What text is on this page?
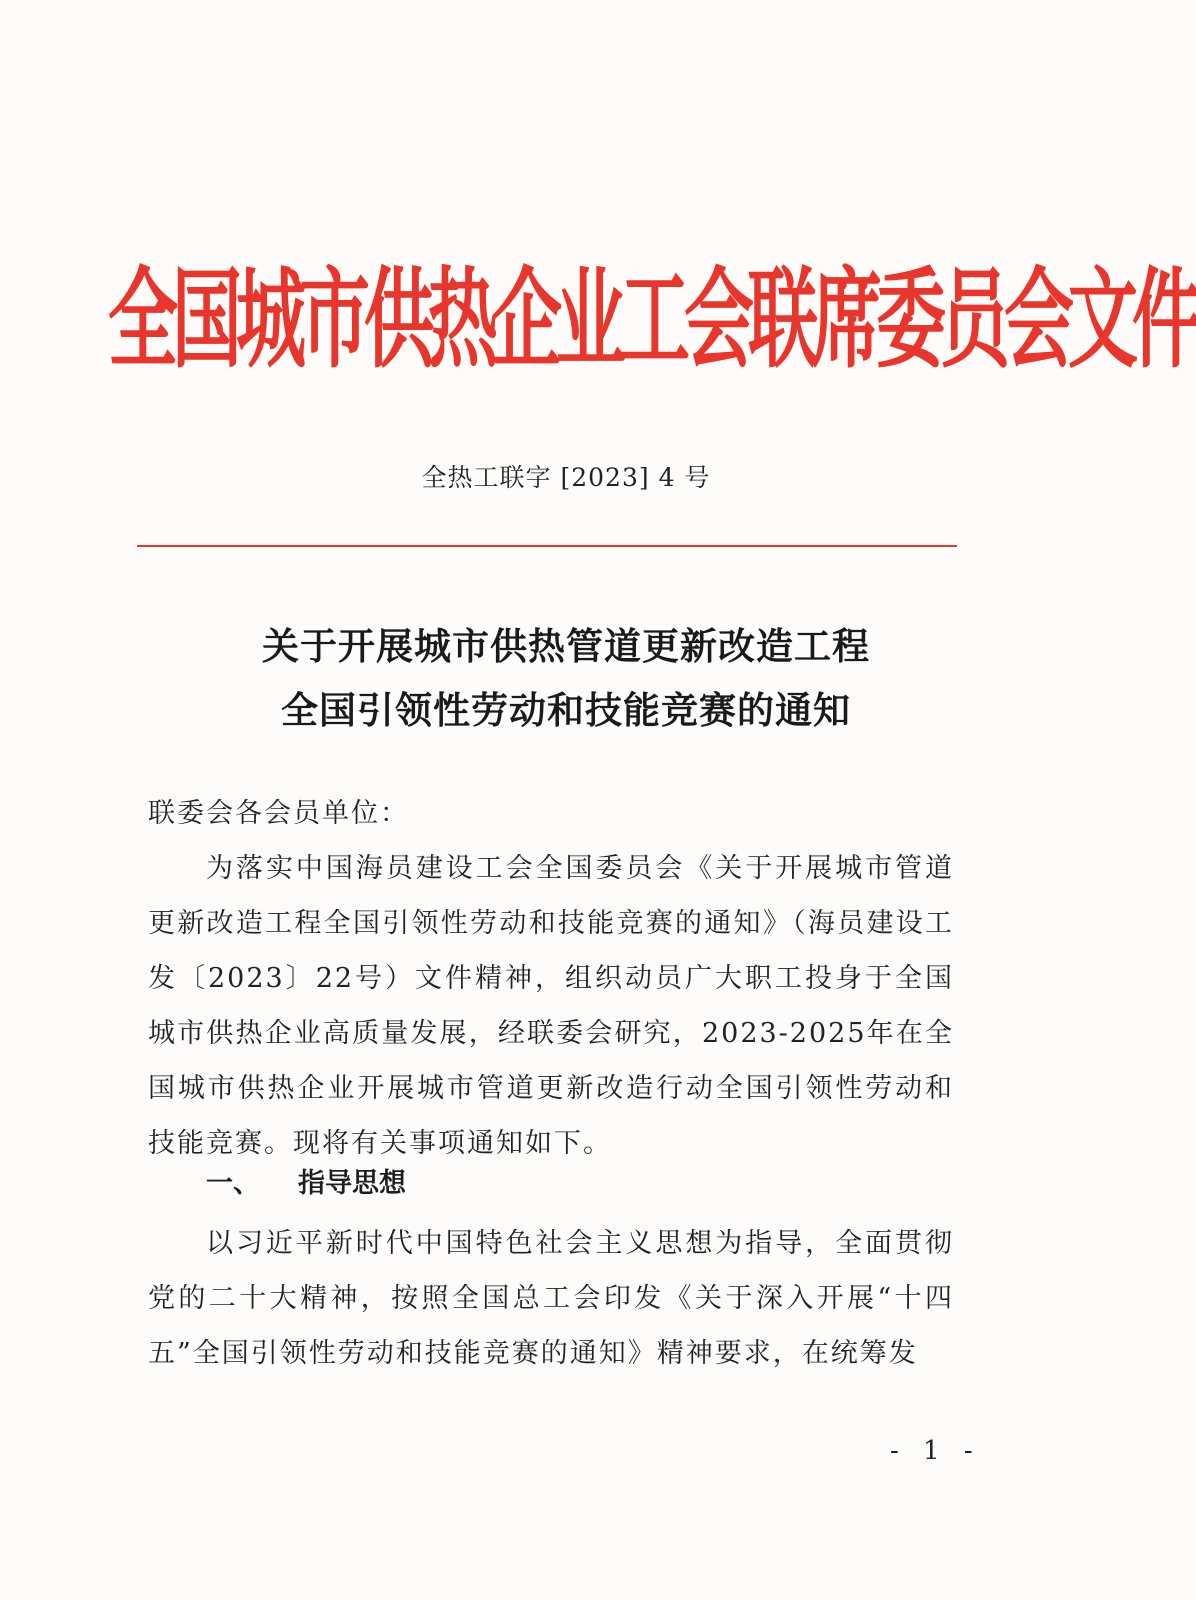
全国城市供热企业工会联席委员会文件
全热工联字 [2023] 4 号
关于开展城市供热管道更新改造工程
全国引领性劳动和技能竞赛的通知
联委会各会员单位：
为落实中国海员建设工会全国委员会《关于开展城市管道更新改造工程全国引领性劳动和技能竞赛的通知》（海员建设工发〔2023〕22号）文件精神，组织动员广大职工投身于全国城市供热企业高质量发展，经联委会研究，2023-2025年在全国城市供热企业开展城市管道更新改造行动全国引领性劳动和技能竞赛。现将有关事项通知如下。
一、 指导思想
以习近平新时代中国特色社会主义思想为指导，全面贯彻党的二十大精神，按照全国总工会印发《关于深入开展“十四五”全国引领性劳动和技能竞赛的通知》精神要求，在统筹发
- 1 -
